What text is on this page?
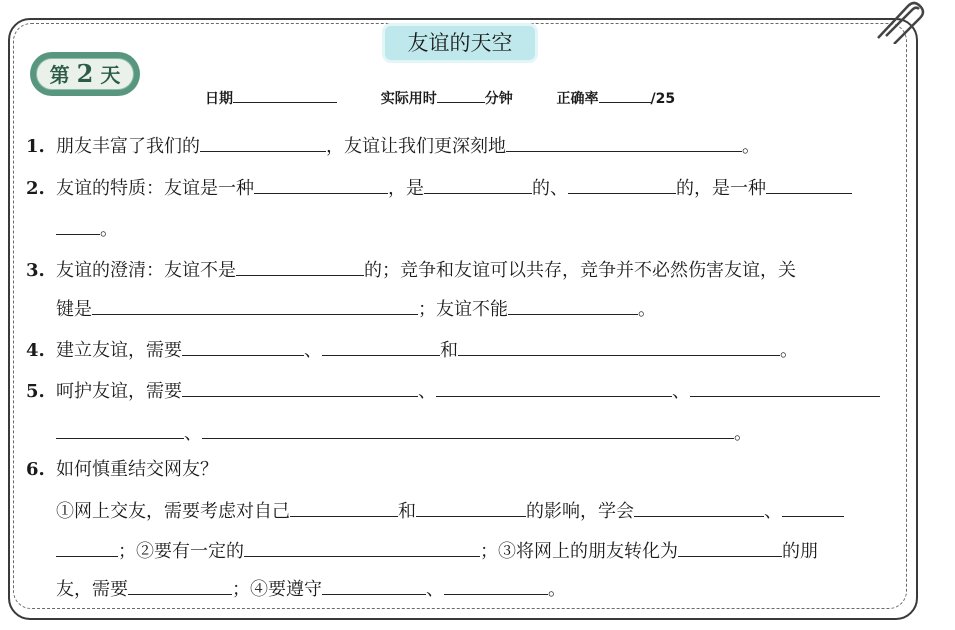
友谊的天空
第 2 天
日期	实际用时	分钟	正确率	/25
1. 朋友丰富了我们的	，友谊让我们更深刻地	。
2. 友谊的特质：友谊是一种	，是	的、	的，是一种
。
3. 友谊的澄清：友谊不是	的；竞争和友谊可以共存，竞争并不必然伤害友谊，关
键是	；友谊不能	。
4. 建立友谊，需要	、	和	。
5. 呵护友谊，需要	、	、
、	。
6. 如何慎重结交网友？
①网上交友，需要考虑对自己	和	的影响，学会	、
；②要有一定的	；③将网上的朋友转化为	的朋
友，需要	；④要遵守	、	。
